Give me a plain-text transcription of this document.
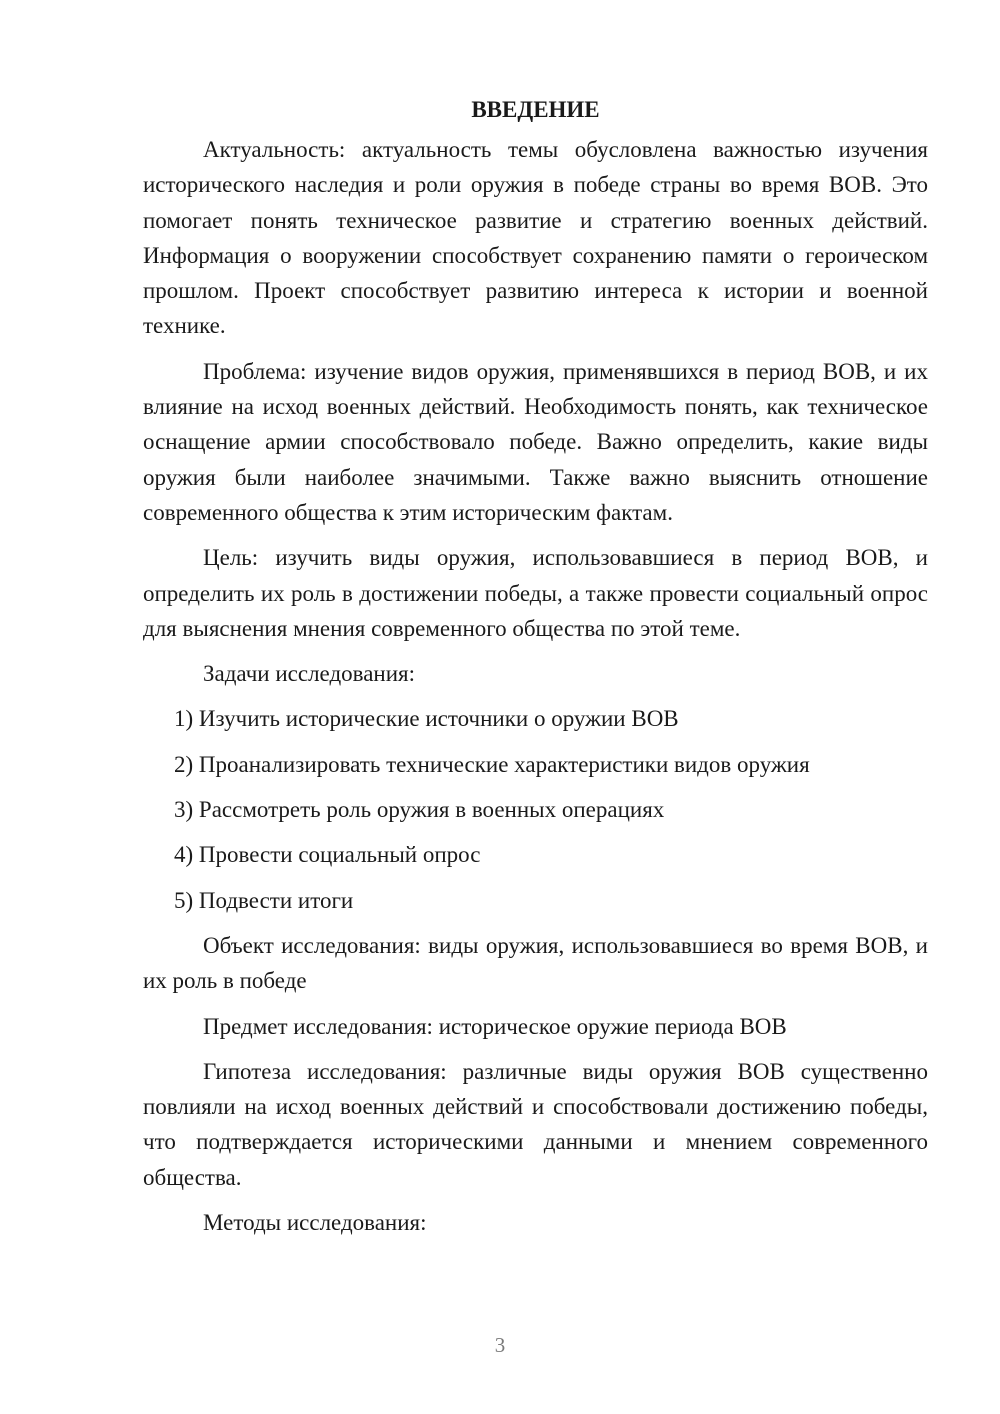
ВВЕДЕНИЕ

Актуальность: актуальность темы обусловлена важностью изучения исторического наследия и роли оружия в победе страны во время ВОВ. Это помогает понять техническое развитие и стратегию военных действий. Информация о вооружении способствует сохранению памяти о героическом прошлом. Проект способствует развитию интереса к истории и военной технике.

Проблема: изучение видов оружия, применявшихся в период ВОВ, и их влияние на исход военных действий. Необходимость понять, как техническое оснащение армии способствовало победе. Важно определить, какие виды оружия были наиболее значимыми. Также важно выяснить отношение современного общества к этим историческим фактам.

Цель: изучить виды оружия, использовавшиеся в период ВОВ, и определить их роль в достижении победы, а также провести социальный опрос для выяснения мнения современного общества по этой теме.

Задачи исследования:

1) Изучить исторические источники о оружии ВОВ
2) Проанализировать технические характеристики видов оружия
3) Рассмотреть роль оружия в военных операциях
4) Провести социальный опрос
5) Подвести итоги

Объект исследования: виды оружия, использовавшиеся во время ВОВ, и их роль в победе

Предмет исследования: историческое оружие периода ВОВ

Гипотеза исследования: различные виды оружия ВОВ существенно повлияли на исход военных действий и способствовали достижению победы, что подтверждается историческими данными и мнением современного общества.

Методы исследования:

3
